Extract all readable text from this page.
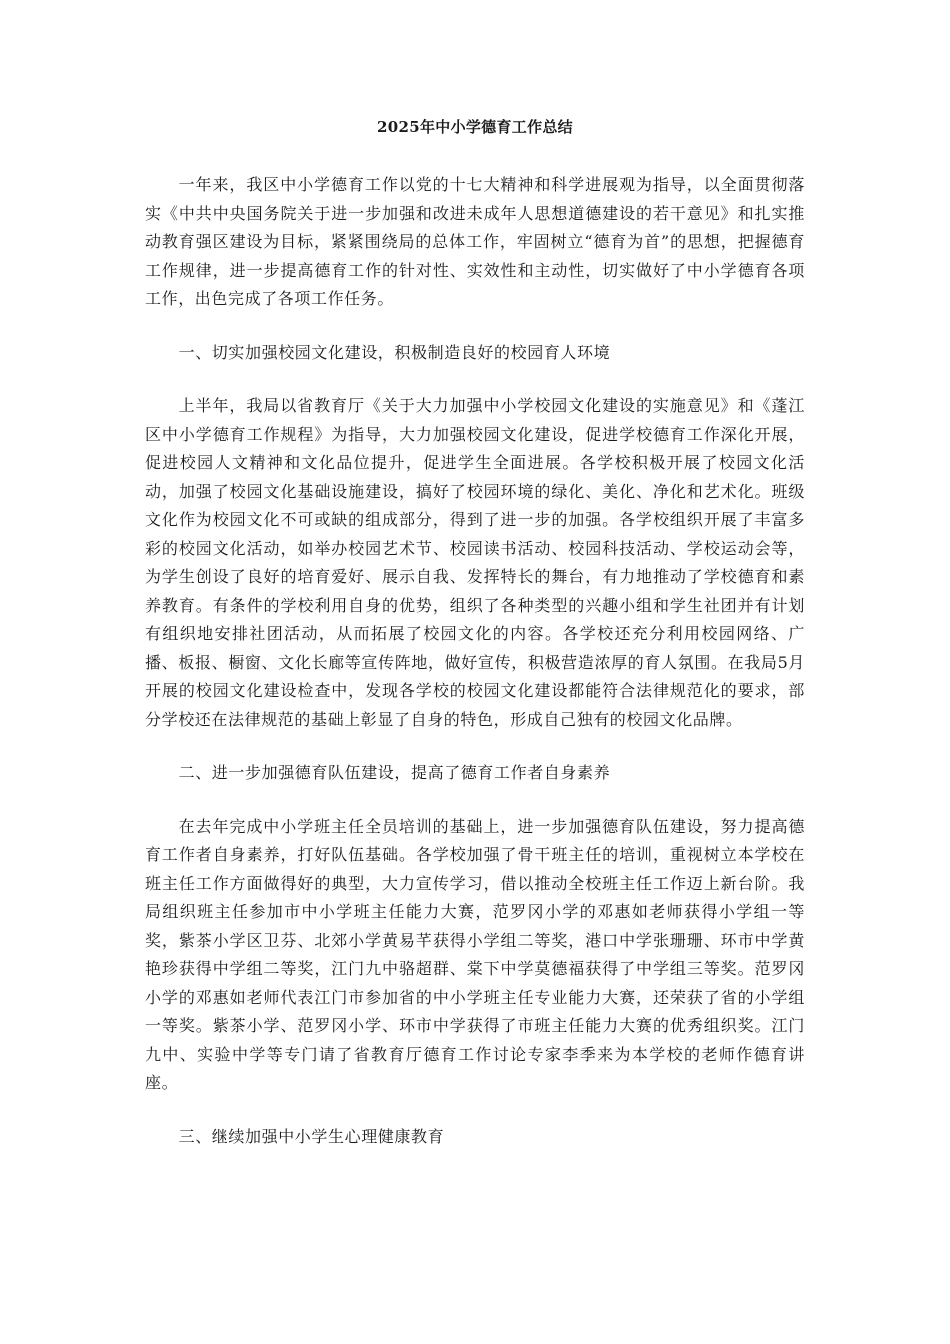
2025年中小学德育工作总结

一年来，我区中小学德育工作以党的十七大精神和科学进展观为指导，以全面贯彻落实《中共中央国务院关于进一步加强和改进未成年人思想道德建设的若干意见》和扎实推动教育强区建设为目标，紧紧围绕局的总体工作，牢固树立“德育为首”的思想，把握德育工作规律，进一步提高德育工作的针对性、实效性和主动性，切实做好了中小学德育各项工作，出色完成了各项工作任务。

一、切实加强校园文化建设，积极制造良好的校园育人环境

上半年，我局以省教育厅《关于大力加强中小学校园文化建设的实施意见》和《蓬江区中小学德育工作规程》为指导，大力加强校园文化建设，促进学校德育工作深化开展，促进校园人文精神和文化品位提升，促进学生全面进展。各学校积极开展了校园文化活动，加强了校园文化基础设施建设，搞好了校园环境的绿化、美化、净化和艺术化。班级文化作为校园文化不可或缺的组成部分，得到了进一步的加强。各学校组织开展了丰富多彩的校园文化活动，如举办校园艺术节、校园读书活动、校园科技活动、学校运动会等，为学生创设了良好的培育爱好、展示自我、发挥特长的舞台，有力地推动了学校德育和素养教育。有条件的学校利用自身的优势，组织了各种类型的兴趣小组和学生社团并有计划有组织地安排社团活动，从而拓展了校园文化的内容。各学校还充分利用校园网络、广播、板报、橱窗、文化长廊等宣传阵地，做好宣传，积极营造浓厚的育人氛围。在我局5月开展的校园文化建设检查中，发现各学校的校园文化建设都能符合法律规范化的要求，部分学校还在法律规范的基础上彰显了自身的特色，形成自己独有的校园文化品牌。

二、进一步加强德育队伍建设，提高了德育工作者自身素养

在去年完成中小学班主任全员培训的基础上，进一步加强德育队伍建设，努力提高德育工作者自身素养，打好队伍基础。各学校加强了骨干班主任的培训，重视树立本学校在班主任工作方面做得好的典型，大力宣传学习，借以推动全校班主任工作迈上新台阶。我局组织班主任参加市中小学班主任能力大赛，范罗冈小学的邓惠如老师获得小学组一等奖，紫茶小学区卫芬、北郊小学黄易芊获得小学组二等奖，港口中学张珊珊、环市中学黄艳珍获得中学组二等奖，江门九中骆超群、棠下中学莫德福获得了中学组三等奖。范罗冈小学的邓惠如老师代表江门市参加省的中小学班主任专业能力大赛，还荣获了省的小学组一等奖。紫茶小学、范罗冈小学、环市中学获得了市班主任能力大赛的优秀组织奖。江门九中、实验中学等专门请了省教育厅德育工作讨论专家李季来为本学校的老师作德育讲座。

三、继续加强中小学生心理健康教育
